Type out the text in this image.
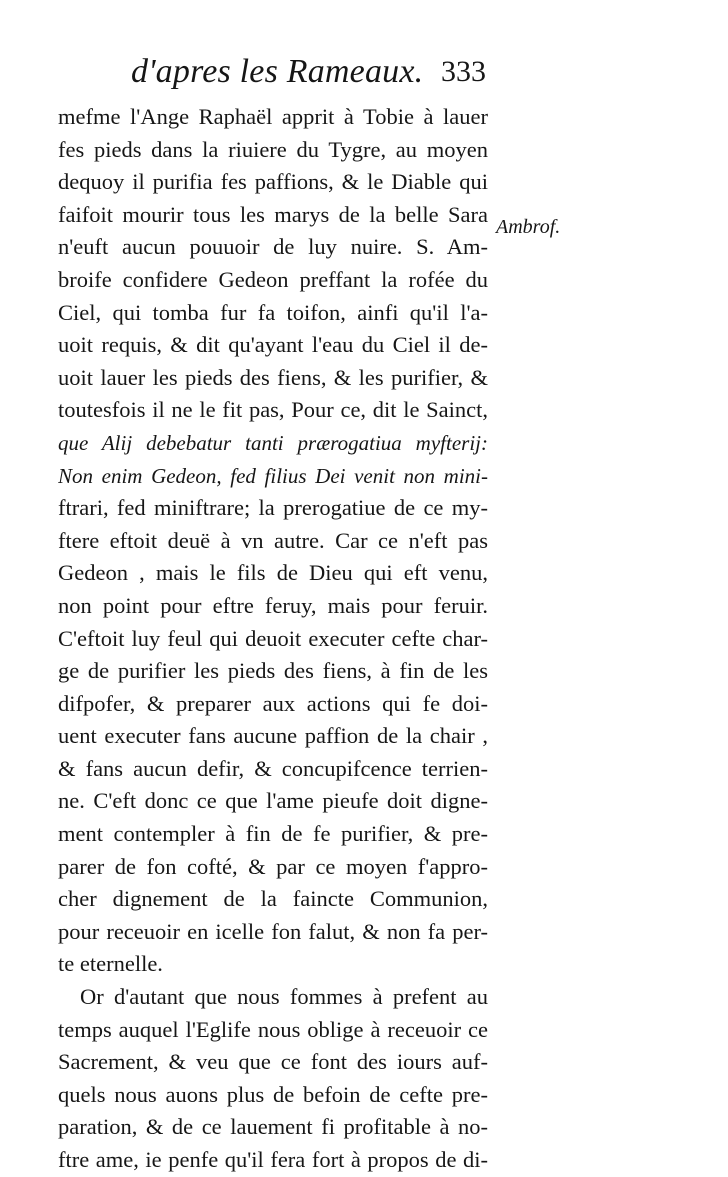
d'apres les Rameaux. 333
Ambrof.
mefme l'Ange Raphaël apprit à Tobie à lauer
fes pieds dans la riuiere du Tygre, au moyen
dequoy il purifia fes paffions, & le Diable qui
faifoit mourir tous les marys de la belle Sara
n'euft aucun pouuoir de luy nuire. S. Am-
broife confidere Gedeon preffant la rofée du
Ciel, qui tomba fur fa toifon, ainfi qu'il l'a-
uoit requis, & dit qu'ayant l'eau du Ciel il de-
uoit lauer les pieds des fiens, & les purifier, &
toutesfois il ne le fit pas, Pour ce, dit le Sainct,
que Alij debebatur tanti prærogatiua myfterij:
Non enim Gedeon, fed filius Dei venit non mini-
ftrari, fed miniftrare; la prerogatiue de ce my-
ftere eftoit deuë à vn autre. Car ce n'eft pas
Gedeon , mais le fils de Dieu qui eft venu,
non point pour eftre feruy, mais pour feruir.
C'eftoit luy feul qui deuoit executer cefte char-
ge de purifier les pieds des fiens, à fin de les
difpofer, & preparer aux actions qui fe doi-
uent executer fans aucune paffion de la chair ,
& fans aucun defir, & concupifcence terrien-
ne. C'eft donc ce que l'ame pieufe doit digne-
ment contempler à fin de fe purifier, & pre-
parer de fon cofté, & par ce moyen f'appro-
cher dignement de la faincte Communion,
pour receuoir en icelle fon falut, & non fa per-
te eternelle.
Or d'autant que nous fommes à prefent au
temps auquel l'Eglife nous oblige à receuoir ce
Sacrement, & veu que ce font des iours auf-
quels nous auons plus de befoin de cefte pre-
paration, & de ce lauement fi profitable à no-
ftre ame, ie penfe qu'il fera fort à propos de di-
